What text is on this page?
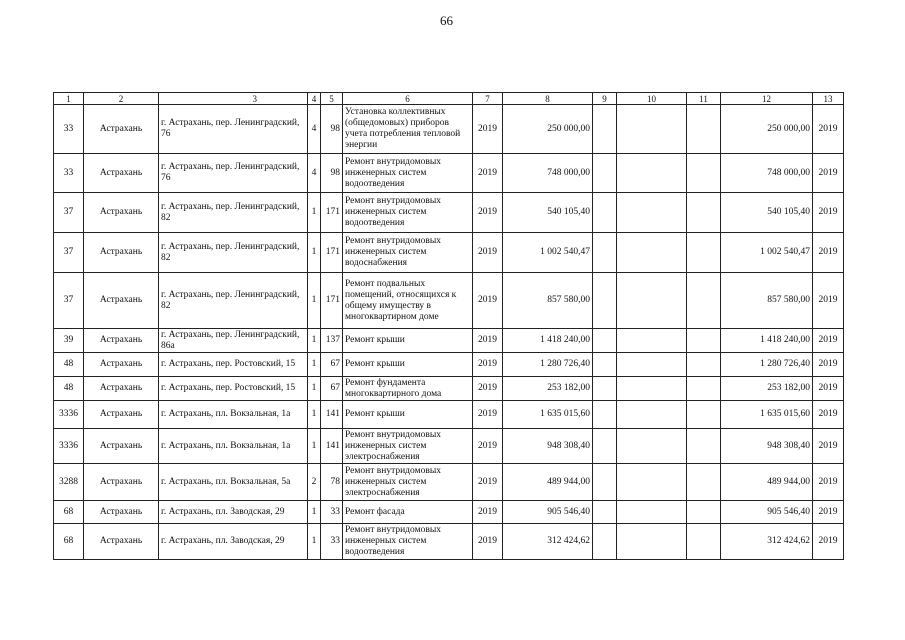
66
1	2	3	4	5	6	7	8	9	10	11	12	13
33	Астрахань	г. Астрахань, пер. Ленинградский, 76	4	98	Установка коллективных (общедомовых) приборов учета потребления тепловой энергии	2019	250 000,00				250 000,00	2019
33	Астрахань	г. Астрахань, пер. Ленинградский, 76	4	98	Ремонт внутридомовых инженерных систем водоотведения	2019	748 000,00				748 000,00	2019
37	Астрахань	г. Астрахань, пер. Ленинградский, 82	1	171	Ремонт внутридомовых инженерных систем водоотведения	2019	540 105,40				540 105,40	2019
37	Астрахань	г. Астрахань, пер. Ленинградский, 82	1	171	Ремонт внутридомовых инженерных систем водоснабжения	2019	1 002 540,47				1 002 540,47	2019
37	Астрахань	г. Астрахань, пер. Ленинградский, 82	1	171	Ремонт подвальных помещений, относящихся к общему имуществу в многоквартирном доме	2019	857 580,00				857 580,00	2019
39	Астрахань	г. Астрахань, пер. Ленинградский, 86а	1	137	Ремонт крыши	2019	1 418 240,00				1 418 240,00	2019
48	Астрахань	г. Астрахань, пер. Ростовский, 15	1	67	Ремонт крыши	2019	1 280 726,40				1 280 726,40	2019
48	Астрахань	г. Астрахань, пер. Ростовский, 15	1	67	Ремонт фундамента многоквартирного дома	2019	253 182,00				253 182,00	2019
3336	Астрахань	г. Астрахань, пл. Вокзальная, 1а	1	141	Ремонт крыши	2019	1 635 015,60				1 635 015,60	2019
3336	Астрахань	г. Астрахань, пл. Вокзальная, 1а	1	141	Ремонт внутридомовых инженерных систем электроснабжения	2019	948 308,40				948 308,40	2019
3288	Астрахань	г. Астрахань, пл. Вокзальная, 5а	2	78	Ремонт внутридомовых инженерных систем электроснабжения	2019	489 944,00				489 944,00	2019
68	Астрахань	г. Астрахань, пл. Заводская, 29	1	33	Ремонт фасада	2019	905 546,40				905 546,40	2019
68	Астрахань	г. Астрахань, пл. Заводская, 29	1	33	Ремонт внутридомовых инженерных систем водоотведения	2019	312 424,62				312 424,62	2019
